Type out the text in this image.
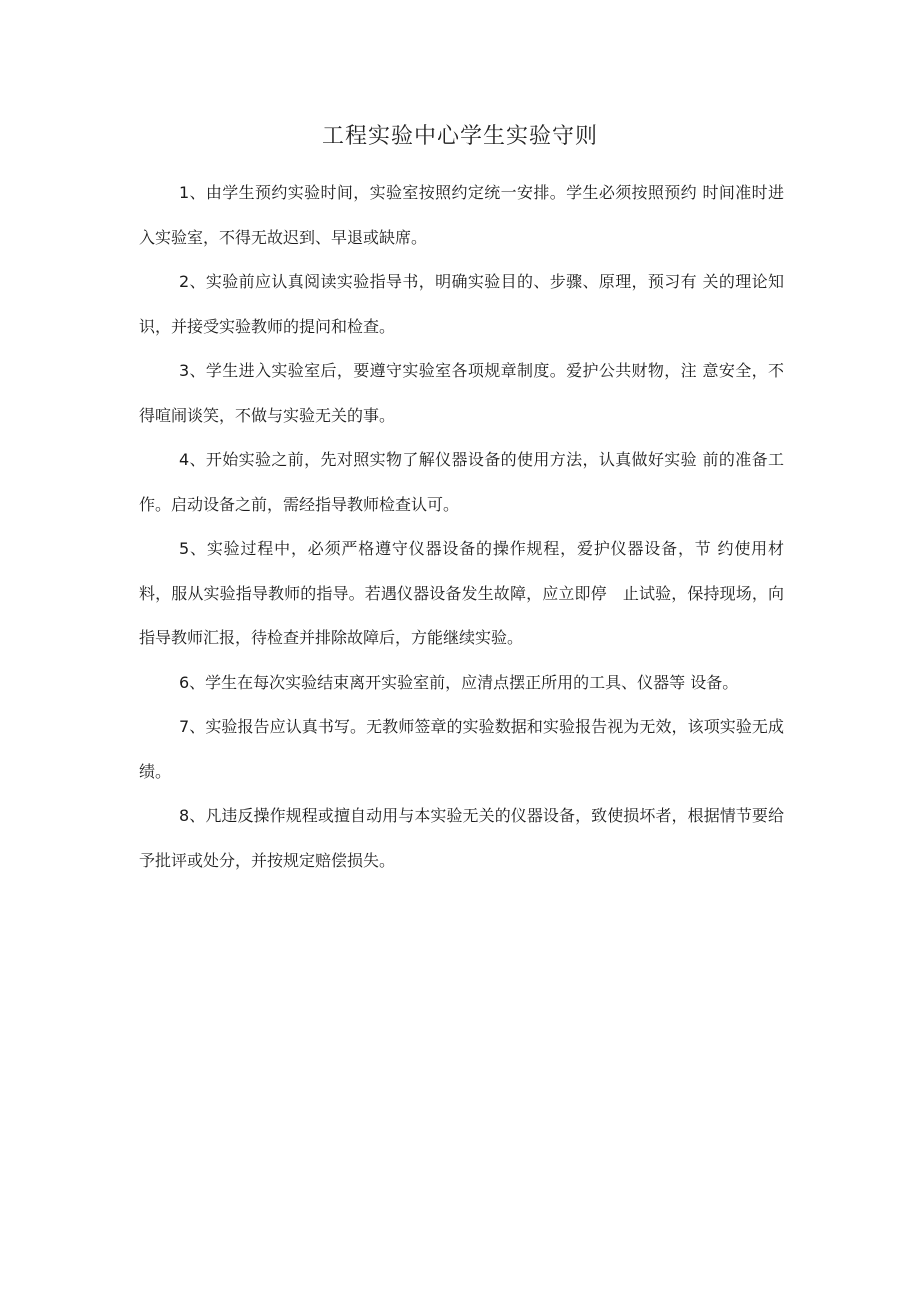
工程实验中心学生实验守则

1、由学生预约实验时间，实验室按照约定统一安排。学生必须按照预约 时间准时进入实验室，不得无故迟到、早退或缺席。

2、实验前应认真阅读实验指导书，明确实验目的、步骤、原理，预习有 关的理论知识，并接受实验教师的提问和检查。

3、学生进入实验室后，要遵守实验室各项规章制度。爱护公共财物，注 意安全，不得喧闹谈笑，不做与实验无关的事。

4、开始实验之前，先对照实物了解仪器设备的使用方法，认真做好实验 前的准备工作。启动设备之前，需经指导教师检查认可。

5、实验过程中，必须严格遵守仪器设备的操作规程，爱护仪器设备，节 约使用材料，服从实验指导教师的指导。若遇仪器设备发生故障，应立即停　止试验，保持现场，向指导教师汇报，待检查并排除故障后，方能继续实验。

6、学生在每次实验结束离开实验室前，应清点摆正所用的工具、仪器等 设备。

7、实验报告应认真书写。无教师签章的实验数据和实验报告视为无效，该项实验无成绩。

8、凡违反操作规程或擅自动用与本实验无关的仪器设备，致使损坏者，根据情节要给予批评或处分，并按规定赔偿损失。
